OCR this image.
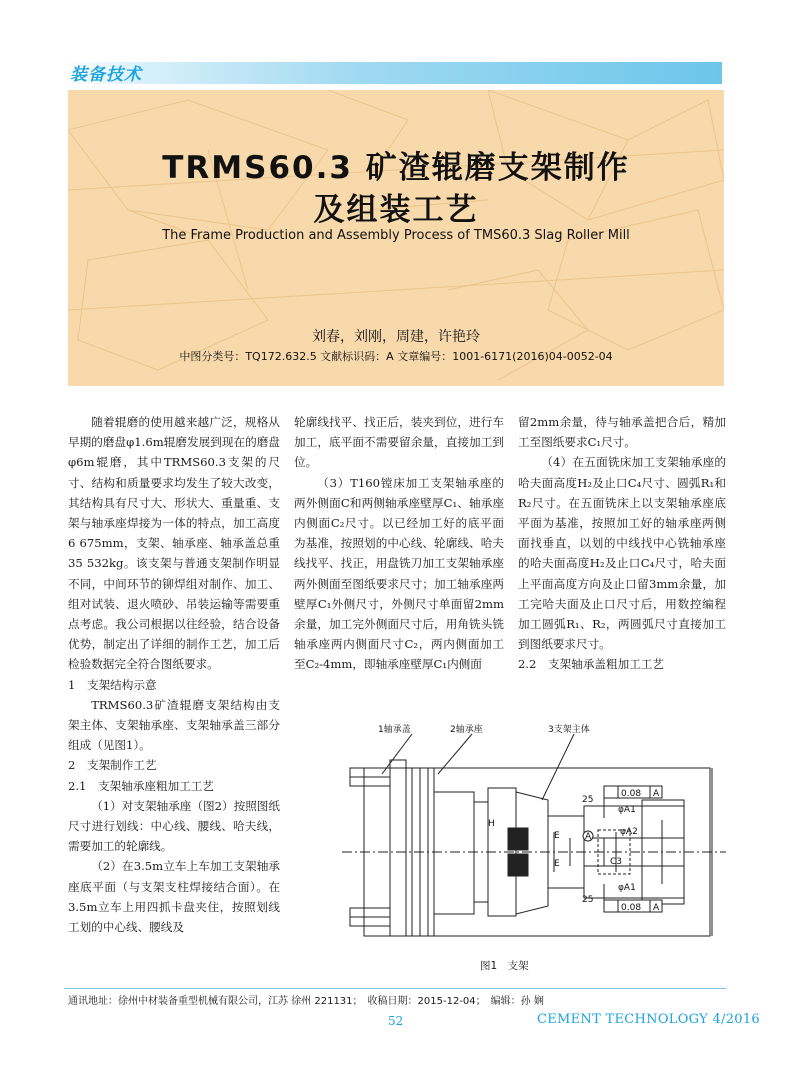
装备技术
TRMS60.3 矿渣辊磨支架制作
及组装工艺
The Frame Production and Assembly Process of TMS60.3 Slag Roller Mill
刘春，刘刚，周建，许艳玲
中图分类号：TQ172.632.5 文献标识码：A 文章编号：1001-6171(2016)04-0052-04

随着辊磨的使用越来越广泛，规格从早期的磨盘φ1.6m辊磨发展到现在的磨盘φ6m辊磨，其中TRMS60.3支架的尺寸、结构和质量要求均发生了较大改变，其结构具有尺寸大、形状大、重量重、支架与轴承座焊接为一体的特点，加工高度6 675mm，支架、轴承座、轴承盖总重35 532kg。该支架与普通支架制作明显不同，中间环节的铆焊组对制作、加工、组对试装、退火喷砂、吊装运输等需要重点考虑。我公司根据以往经验，结合设备优势，制定出了详细的制作工艺，加工后检验数据完全符合图纸要求。

1　支架结构示意

TRMS60.3矿渣辊磨支架结构由支架主体、支架轴承座、支架轴承盖三部分组成（见图1）。

2　支架制作工艺

2.1　支架轴承座粗加工工艺

（1）对支架轴承座（图2）按照图纸尺寸进行划线：中心线、腰线、哈夫线，需要加工的轮廓线。

（2）在3.5m立车上车加工支架轴承座底平面（与支架支柱焊接结合面）。在3.5m立车上用四抓卡盘夹住，按照划线工划的中心线、腰线及

轮廓线找平、找正后，装夹到位，进行车加工，底平面不需要留余量，直接加工到位。

（3）T160镗床加工支架轴承座的两外侧面C和两侧轴承座壁厚C₁、轴承座内侧面C₂尺寸。以已经加工好的底平面为基准，按照划的中心线、轮廓线、哈夫线找平、找正，用盘铣刀加工支架轴承座两外侧面至图纸要求尺寸；加工轴承座两壁厚C₁外侧尺寸，外侧尺寸单面留2mm余量，加工完外侧面尺寸后，用角铣头铣轴承座两内侧面尺寸C₂，两内侧面加工至C₂-4mm，即轴承座壁厚C₁内侧面

留2mm余量，待与轴承盖把合后，精加工至图纸要求C₁尺寸。

（4）在五面铣床加工支架轴承座的哈夫面高度H₂及止口C₄尺寸、圆弧R₁和R₂尺寸。在五面铣床上以支架轴承座底平面为基准，按照加工好的轴承座两侧面找垂直，以划的中线找中心铣轴承座的哈夫面高度H₂及止口C₄尺寸，哈夫面上平面高度方向及止口留3mm余量，加工完哈夫面及止口尺寸后，用数控编程加工圆弧R₁、R₂，两圆弧尺寸直接加工到图纸要求尺寸。

2.2　支架轴承盖粗加工工艺

1轴承盖	2轴承座	3支架主体
0.08 A
0.08 A
φA1
φA2
φA1
25
25
H
E
E	C3
A
图1　支架
通讯地址：徐州中材装备重型机械有限公司，江苏 徐州 221131；　收稿日期：2015-12-04；　编辑：孙 娴
52	CEMENT TECHNOLOGY 4/2016
